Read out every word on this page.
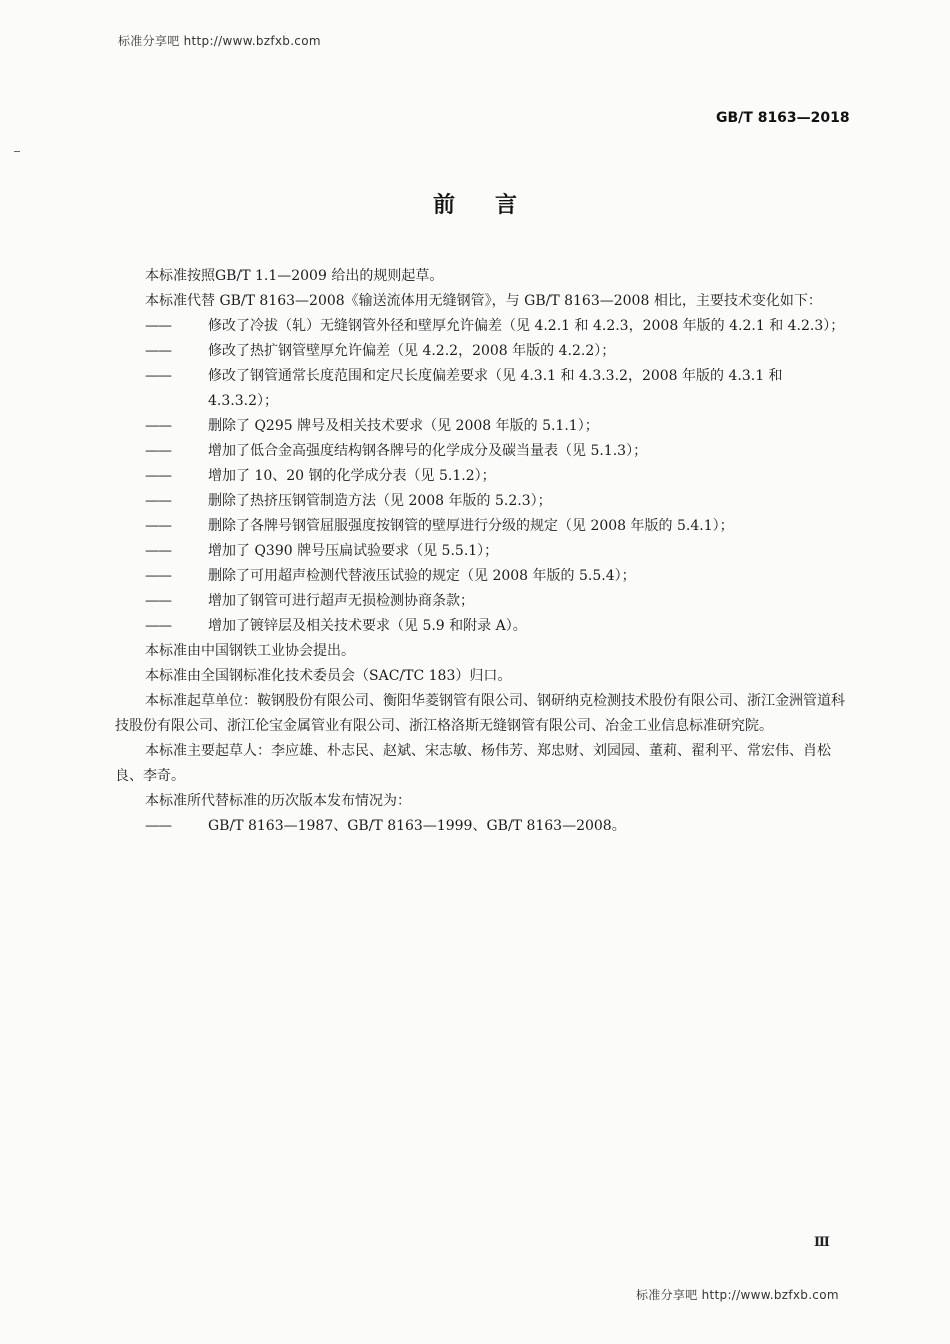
标准分享吧 http://www.bzfxb.com
GB/T 8163—2018
前言

本标准按照GB/T 1.1—2009 给出的规则起草。

本标准代替 GB/T 8163—2008《输送流体用无缝钢管》，与 GB/T 8163—2008 相比，主要技术变化如下：

——	修改了冷拔（轧）无缝钢管外径和壁厚允许偏差（见 4.2.1 和 4.2.3，2008 年版的 4.2.1 和 4.2.3）；

——	修改了热扩钢管壁厚允许偏差（见 4.2.2，2008 年版的 4.2.2）；

——	修改了钢管通常长度范围和定尺长度偏差要求（见 4.3.1 和 4.3.3.2，2008 年版的 4.3.1 和 4.3.3.2）；

——	删除了 Q295 牌号及相关技术要求（见 2008 年版的 5.1.1）；

——	增加了低合金高强度结构钢各牌号的化学成分及碳当量表（见 5.1.3）；

——	增加了 10、20 钢的化学成分表（见 5.1.2）；

——	删除了热挤压钢管制造方法（见 2008 年版的 5.2.3）；

——	删除了各牌号钢管屈服强度按钢管的壁厚进行分级的规定（见 2008 年版的 5.4.1）；

——	增加了 Q390 牌号压扁试验要求（见 5.5.1）；

——	删除了可用超声检测代替液压试验的规定（见 2008 年版的 5.5.4）；

——	增加了钢管可进行超声无损检测协商条款；

——	增加了镀锌层及相关技术要求（见 5.9 和附录 A）。

本标准由中国钢铁工业协会提出。

本标准由全国钢标准化技术委员会（SAC/TC 183）归口。

本标准起草单位：鞍钢股份有限公司、衡阳华菱钢管有限公司、钢研纳克检测技术股份有限公司、浙江金洲管道科技股份有限公司、浙江伦宝金属管业有限公司、浙江格洛斯无缝钢管有限公司、冶金工业信息标准研究院。

本标准主要起草人：李应雄、朴志民、赵斌、宋志敏、杨伟芳、郑忠财、刘园园、董莉、翟利平、常宏伟、肖松良、李奇。

本标准所代替标准的历次版本发布情况为：

——	GB/T 8163—1987、GB/T 8163—1999、GB/T 8163—2008。

Ⅲ
标准分享吧 http://www.bzfxb.com
